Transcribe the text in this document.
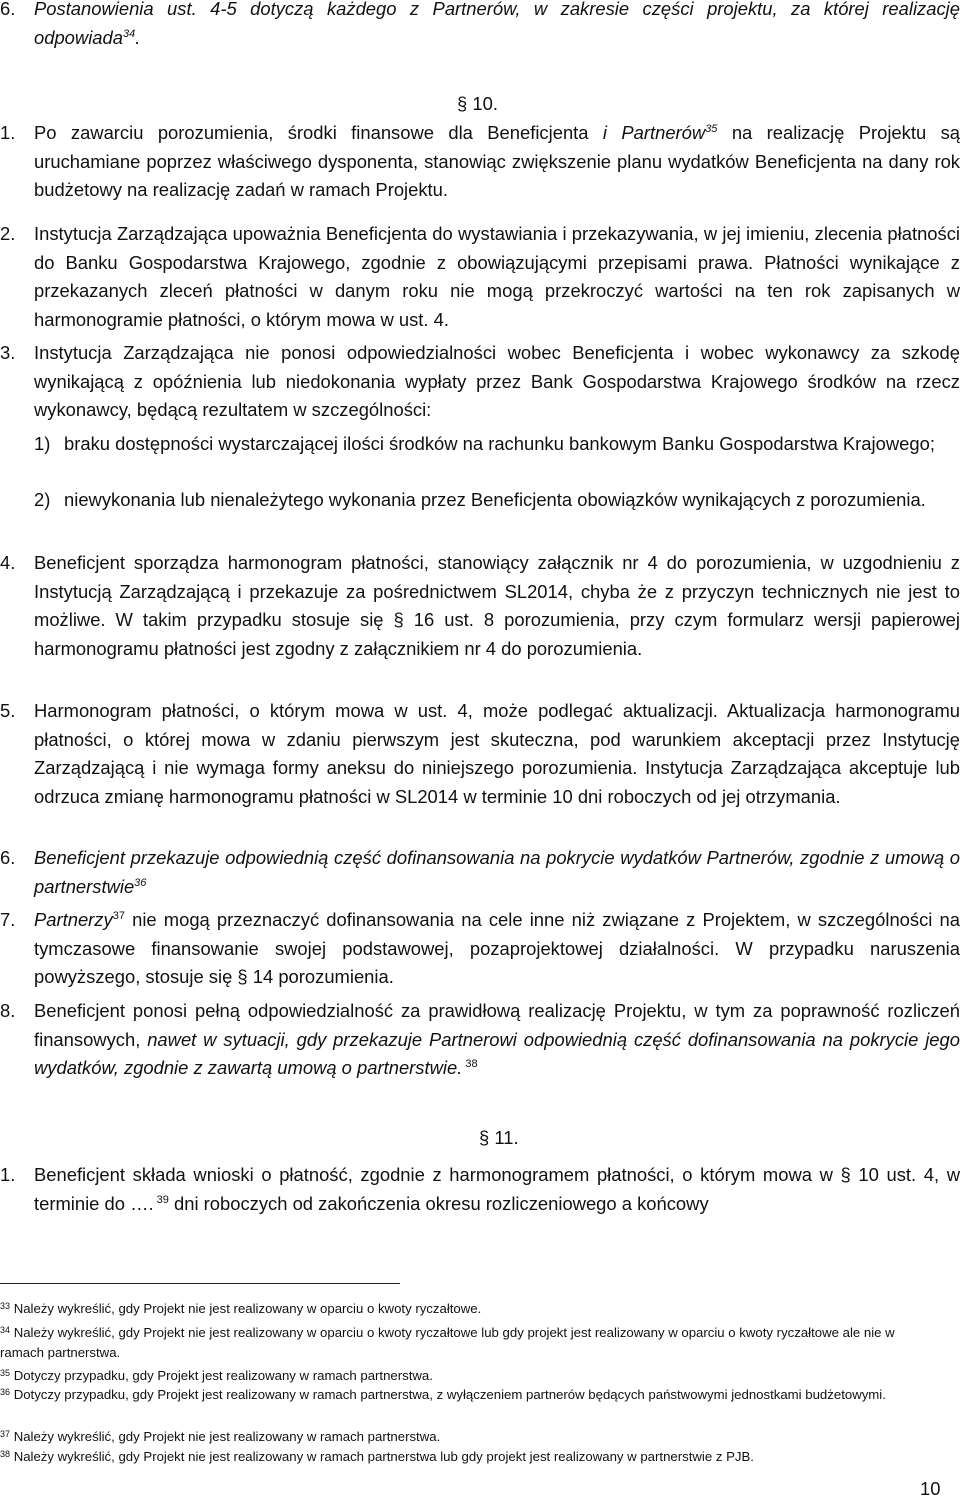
6. Postanowienia ust. 4-5 dotyczą każdego z Partnerów, w zakresie części projektu, za której realizację odpowiada$^{34}$.

§ 10.
1. Po zawarciu porozumienia, środki finansowe dla Beneficjenta i Partnerów$^{35}$ na realizację Projektu są uruchamiane poprzez właściwego dysponenta, stanowiąc zwiększenie planu wydatków Beneficjenta na dany rok budżetowy na realizację zadań w ramach Projektu.

2. Instytucja Zarządzająca upoważnia Beneficjenta do wystawiania i przekazywania, w jej imieniu, zlecenia płatności do Banku Gospodarstwa Krajowego, zgodnie z obowiązującymi przepisami prawa. Płatności wynikające z przekazanych zleceń płatności w danym roku nie mogą przekroczyć wartości na ten rok zapisanych w harmonogramie płatności, o którym mowa w ust. 4.

3. Instytucja Zarządzająca nie ponosi odpowiedzialności wobec Beneficjenta i wobec wykonawcy za szkodę wynikającą z opóźnienia lub niedokonania wypłaty przez Bank Gospodarstwa Krajowego środków na rzecz wykonawcy, będącą rezultatem w szczególności:

1) braku dostępności wystarczającej ilości środków na rachunku bankowym Banku Gospodarstwa Krajowego;

2) niewykonania lub nienależytego wykonania przez Beneficjenta obowiązków wynikających z porozumienia.

4. Beneficjent sporządza harmonogram płatności, stanowiący załącznik nr 4 do porozumienia, w uzgodnieniu z Instytucją Zarządzającą i przekazuje za pośrednictwem SL2014, chyba że z przyczyn technicznych nie jest to możliwe. W takim przypadku stosuje się § 16 ust. 8 porozumienia, przy czym formularz wersji papierowej harmonogramu płatności jest zgodny z załącznikiem nr 4 do porozumienia.

5. Harmonogram płatności, o którym mowa w ust. 4, może podlegać aktualizacji. Aktualizacja harmonogramu płatności, o której mowa w zdaniu pierwszym jest skuteczna, pod warunkiem akceptacji przez Instytucję Zarządzającą i nie wymaga formy aneksu do niniejszego porozumienia. Instytucja Zarządzająca akceptuje lub odrzuca zmianę harmonogramu płatności w SL2014 w terminie 10 dni roboczych od jej otrzymania.

6. Beneficjent przekazuje odpowiednią część dofinansowania na pokrycie wydatków Partnerów, zgodnie z umową o partnerstwie$^{36}$

7. Partnerzy$^{37}$ nie mogą przeznaczyć dofinansowania na cele inne niż związane z Projektem, w szczególności na tymczasowe finansowanie swojej podstawowej, pozaprojektowej działalności. W przypadku naruszenia powyższego, stosuje się § 14 porozumienia.

8. Beneficjent ponosi pełną odpowiedzialność za prawidłową realizację Projektu, w tym za poprawność rozliczeń finansowych, nawet w sytuacji, gdy przekazuje Partnerowi odpowiednią część dofinansowania na pokrycie jego wydatków, zgodnie z zawartą umową o partnerstwie. $^{38}$

§ 11.
1. Beneficjent składa wnioski o płatność, zgodnie z harmonogramem płatności, o którym mowa w § 10 ust. 4, w terminie do …. $^{39}$ dni roboczych od zakończenia okresu rozliczeniowego a końcowy

$^{33}$ Należy wykreślić, gdy Projekt nie jest realizowany w oparciu o kwoty ryczałtowe.

$^{34}$ Należy wykreślić, gdy Projekt nie jest realizowany w oparciu o kwoty ryczałtowe lub gdy projekt jest realizowany w oparciu o kwoty ryczałtowe ale nie w ramach partnerstwa.

$^{35}$ Dotyczy przypadku, gdy Projekt jest realizowany w ramach partnerstwa.

$^{36}$ Dotyczy przypadku, gdy Projekt jest realizowany w ramach partnerstwa, z wyłączeniem partnerów będących państwowymi jednostkami budżetowymi.

$^{37}$ Należy wykreślić, gdy Projekt nie jest realizowany w ramach partnerstwa.

$^{38}$ Należy wykreślić, gdy Projekt nie jest realizowany w ramach partnerstwa lub gdy projekt jest realizowany w partnerstwie z PJB.

10
